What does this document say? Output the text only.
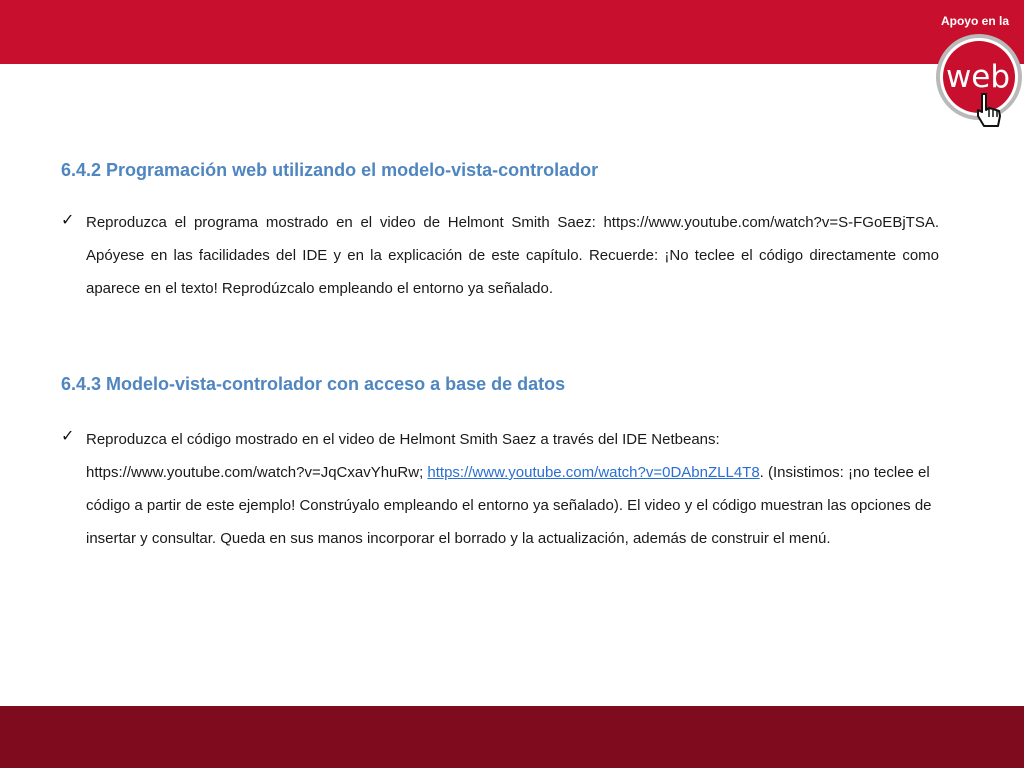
web
Apoyo en la
6.4.2 Programación web utilizando el modelo-vista-controlador
✓ Reproduzca el programa mostrado en el video de Helmont Smith Saez: https://www.youtube.com/watch?v=S-FGoEBjTSA. Apóyese en las facilidades del IDE y en la explicación de este capítulo. Recuerde: ¡No teclee el código directamente como aparece en el texto! Reprodúzcalo empleando el entorno ya señalado.
6.4.3 Modelo-vista-controlador con acceso a base de datos
✓ Reproduzca el código mostrado en el video de Helmont Smith Saez a través del IDE Netbeans:
https://www.youtube.com/watch?v=JqCxavYhuRw; https://www.youtube.com/watch?v=0DAbnZLL4T8. (Insistimos: ¡no teclee el código a partir de este ejemplo! Constrúyalo empleando el entorno ya señalado). El video y el código muestran las opciones de insertar y consultar. Queda en sus manos incorporar el borrado y la actualización, además de construir el menú.
